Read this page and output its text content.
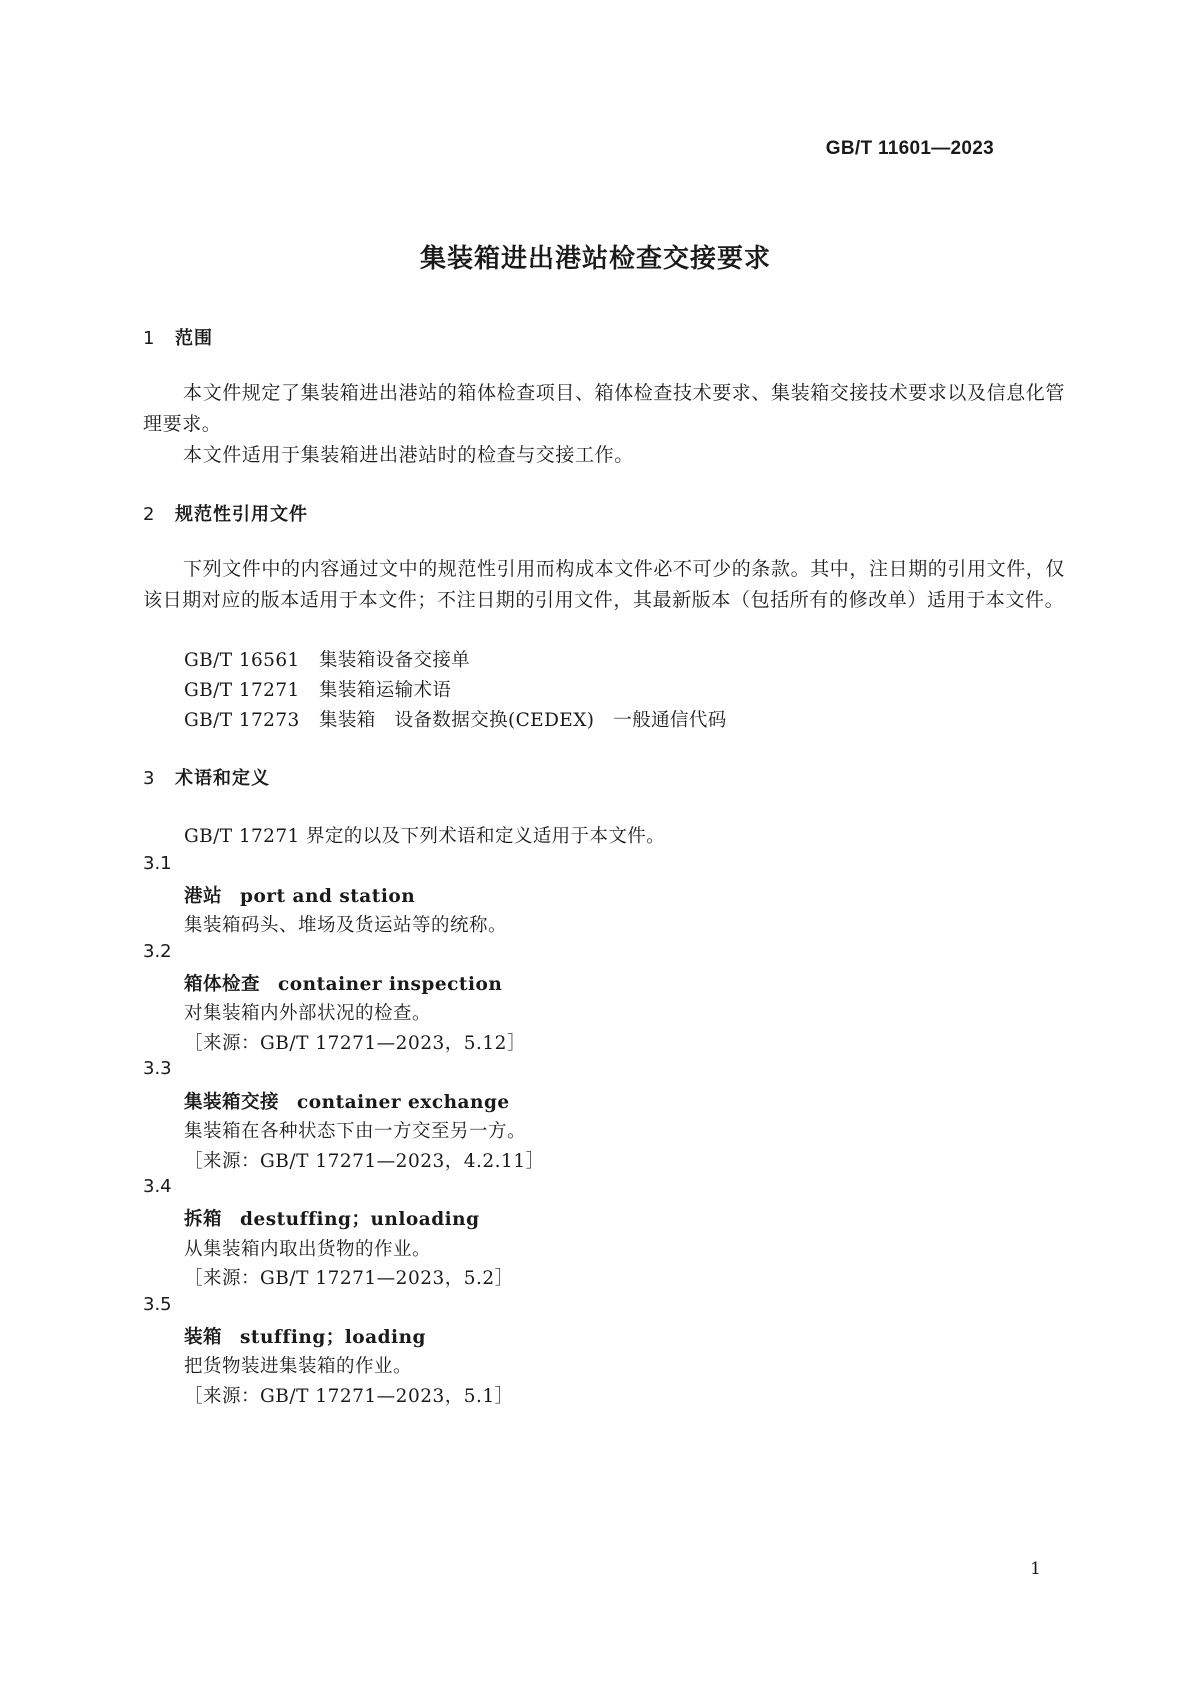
GB/T 11601—2023
集装箱进出港站检查交接要求
1 范围

本文件规定了集装箱进出港站的箱体检查项目、箱体检查技术要求、集装箱交接技术要求以及信息化管理要求。

本文件适用于集装箱进出港站时的检查与交接工作。

2 规范性引用文件

下列文件中的内容通过文中的规范性引用而构成本文件必不可少的条款。其中，注日期的引用文件，仅该日期对应的版本适用于本文件；不注日期的引用文件，其最新版本（包括所有的修改单）适用于本文件。

GB/T 16561 集装箱设备交接单
GB/T 17271 集装箱运输术语
GB/T 17273 集装箱　设备数据交换(CEDEX)　一般通信代码
3 术语和定义
GB/T 17271 界定的以及下列术语和定义适用于本文件。
3.1
港站 port and station
集装箱码头、堆场及货运站等的统称。
3.2
箱体检查 container inspection
对集装箱内外部状况的检查。
［来源：GB/T 17271—2023，5.12］
3.3
集装箱交接 container exchange
集装箱在各种状态下由一方交至另一方。
［来源：GB/T 17271—2023，4.2.11］
3.4
拆箱 destuffing；unloading
从集装箱内取出货物的作业。
［来源：GB/T 17271—2023，5.2］
3.5
装箱 stuffing；loading
把货物装进集装箱的作业。
［来源：GB/T 17271—2023，5.1］
1
